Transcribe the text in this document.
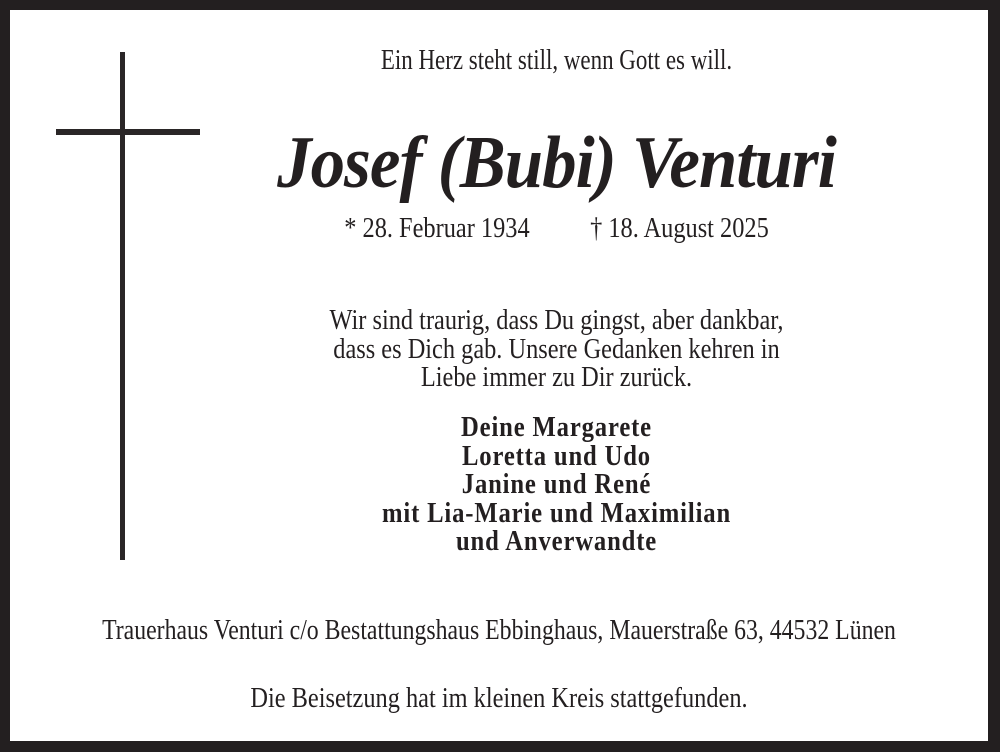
Ein Herz steht still, wenn Gott es will.
Josef (Bubi) Venturi
* 28. Februar 1934 † 18. August 2025
Wir sind traurig, dass Du gingst, aber dankbar,
dass es Dich gab. Unsere Gedanken kehren in
Liebe immer zu Dir zurück.
Deine Margarete
Loretta und Udo
Janine und René
mit Lia-Marie und Maximilian
und Anverwandte
Trauerhaus Venturi c/o Bestattungshaus Ebbinghaus, Mauerstraße 63, 44532 Lünen
Die Beisetzung hat im kleinen Kreis stattgefunden.
